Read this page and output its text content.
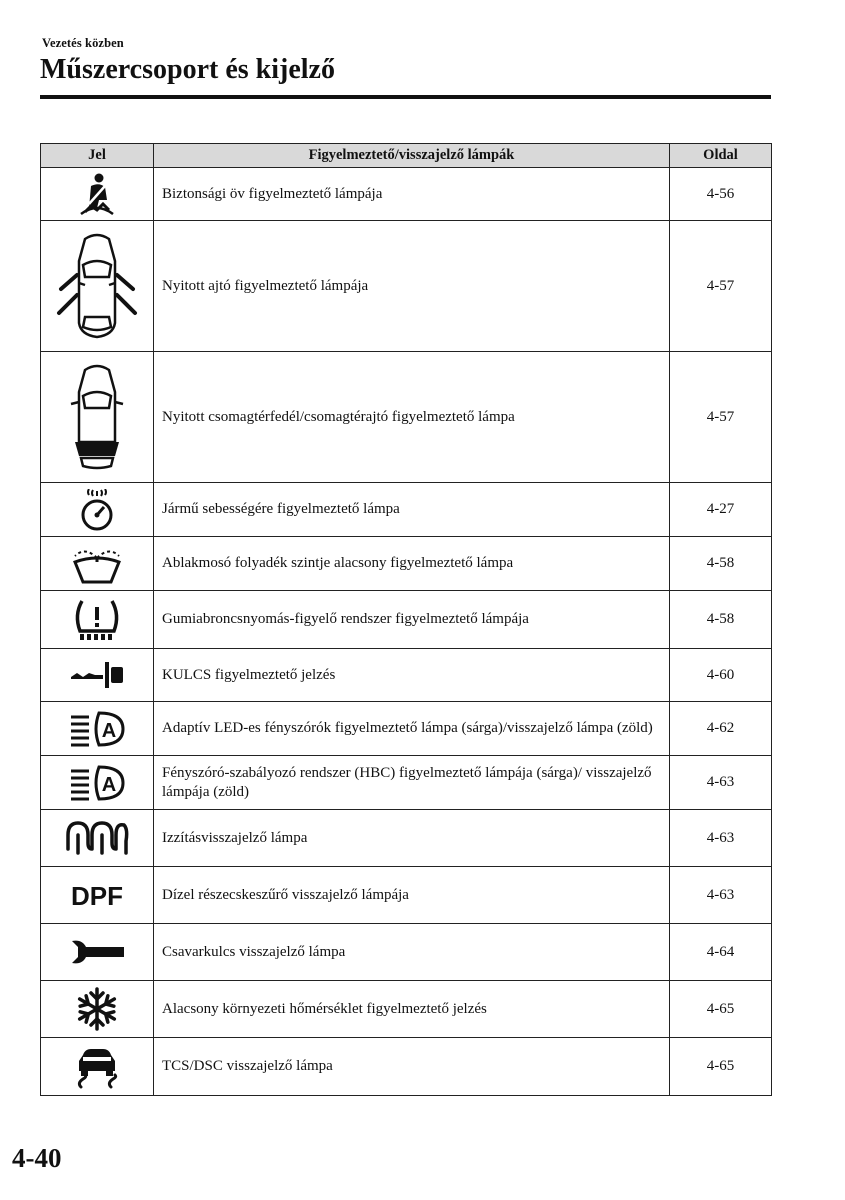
Vezetés közben
Műszercsoport és kijelző
Jel	Figyelmeztető/visszajelző lámpák	Oldal

	Biztonsági öv figyelmeztető lámpája	4-56

	Nyitott ajtó figyelmeztető lámpája	4-57

	Nyitott csomagtérfedél/csomagtérajtó figyelmeztető lámpa	4-57

	Jármű sebességére figyelmeztető lámpa	4-27

	Ablakmosó folyadék szintje alacsony figyelmeztető lámpa	4-58

	Gumiabroncsnyomás-figyelő rendszer figyelmeztető lámpája	4-58

	KULCS figyelmeztető jelzés	4-60

A	Adaptív LED-es fényszórók figyelmeztető lámpa (sárga)/visszajelző lámpa (zöld)	4-62

A	Fényszóró-szabályozó rendszer (HBC) figyelmeztető lámpája (sárga)/ visszajelző lámpája (zöld)	4-63

	Izzításvisszajelző lámpa	4-63

DPF	Dízel részecskeszűrő visszajelző lámpája	4-63

	Csavarkulcs visszajelző lámpa	4-64

	Alacsony környezeti hőmérséklet figyelmeztető jelzés	4-65

	TCS/DSC visszajelző lámpa	4-65
4-40
